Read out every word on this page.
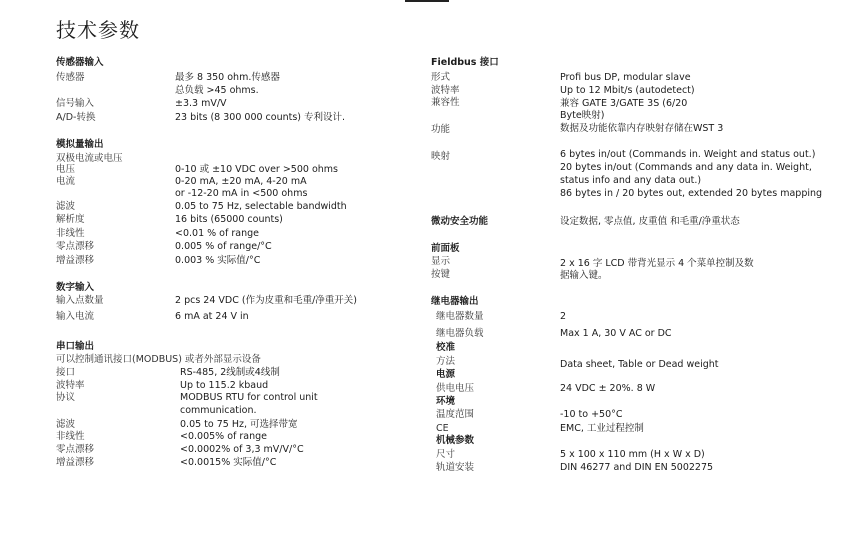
技术参数
传感器输入
传感器	最多 8 350 ohm.传感器
总负载 >45 ohms.
信号输入	±3.3 mV/V
A/D-转换	23 bits (8 300 000 counts) 专利设计.
模拟量输出
双极电流或电压
电压	0-10 或 ±10 VDC over >500 ohms
电流	0-20 mA, ±20 mA, 4-20 mA
or -12-20 mA in <500 ohms
滤波	0.05 to 75 Hz, selectable bandwidth
解析度	16 bits (65000 counts)
非线性	<0.01 % of range
零点漂移	0.005 % of range/°C
增益漂移	0.003 % 实际值/°C
数字输入
输入点数量	2 pcs 24 VDC (作为皮重和毛重/净重开关)
输入电流	6 mA at 24 V in
串口输出
可以控制通讯接口(MODBUS) 或者外部显示设备
接口	RS-485, 2线制或4线制
波特率	Up to 115.2 kbaud
协议	MODBUS RTU for control unit
communication.
滤波	0.05 to 75 Hz, 可选择带宽
非线性	<0.005% of range
零点漂移	<0.0002% of 3,3 mV/V/°C
增益漂移	<0.0015% 实际值/°C
Fieldbus 接口
形式	Profi bus DP, modular slave
波特率	Up to 12 Mbit/s (autodetect)
兼容性	兼容 GATE 3/GATE 3S (6/20
Byte映射)
功能	数据及功能依靠内存映射存储在WST 3
映射	6 bytes in/out (Commands in. Weight and status out.)
20 bytes in/out (Commands and any data in. Weight,
status info and any data out.)
86 bytes in / 20 bytes out, extended 20 bytes mapping
微动安全功能	设定数据, 零点值, 皮重值 和毛重/净重状态
前面板
显示	2 x 16 字 LCD 带背光显示 4 个菜单控制及数
按键	据输入键。
继电器输出
继电器数量	2
继电器负载	Max 1 A, 30 V AC or DC
校准
方法	Data sheet, Table or Dead weight
电源
供电电压	24 VDC ± 20%. 8 W
环境
温度范围	-10 to +50°C
CE	EMC, 工业过程控制
机械参数
尺寸	5 x 100 x 110 mm (H x W x D)
轨道安装	DIN 46277 and DIN EN 5002275
